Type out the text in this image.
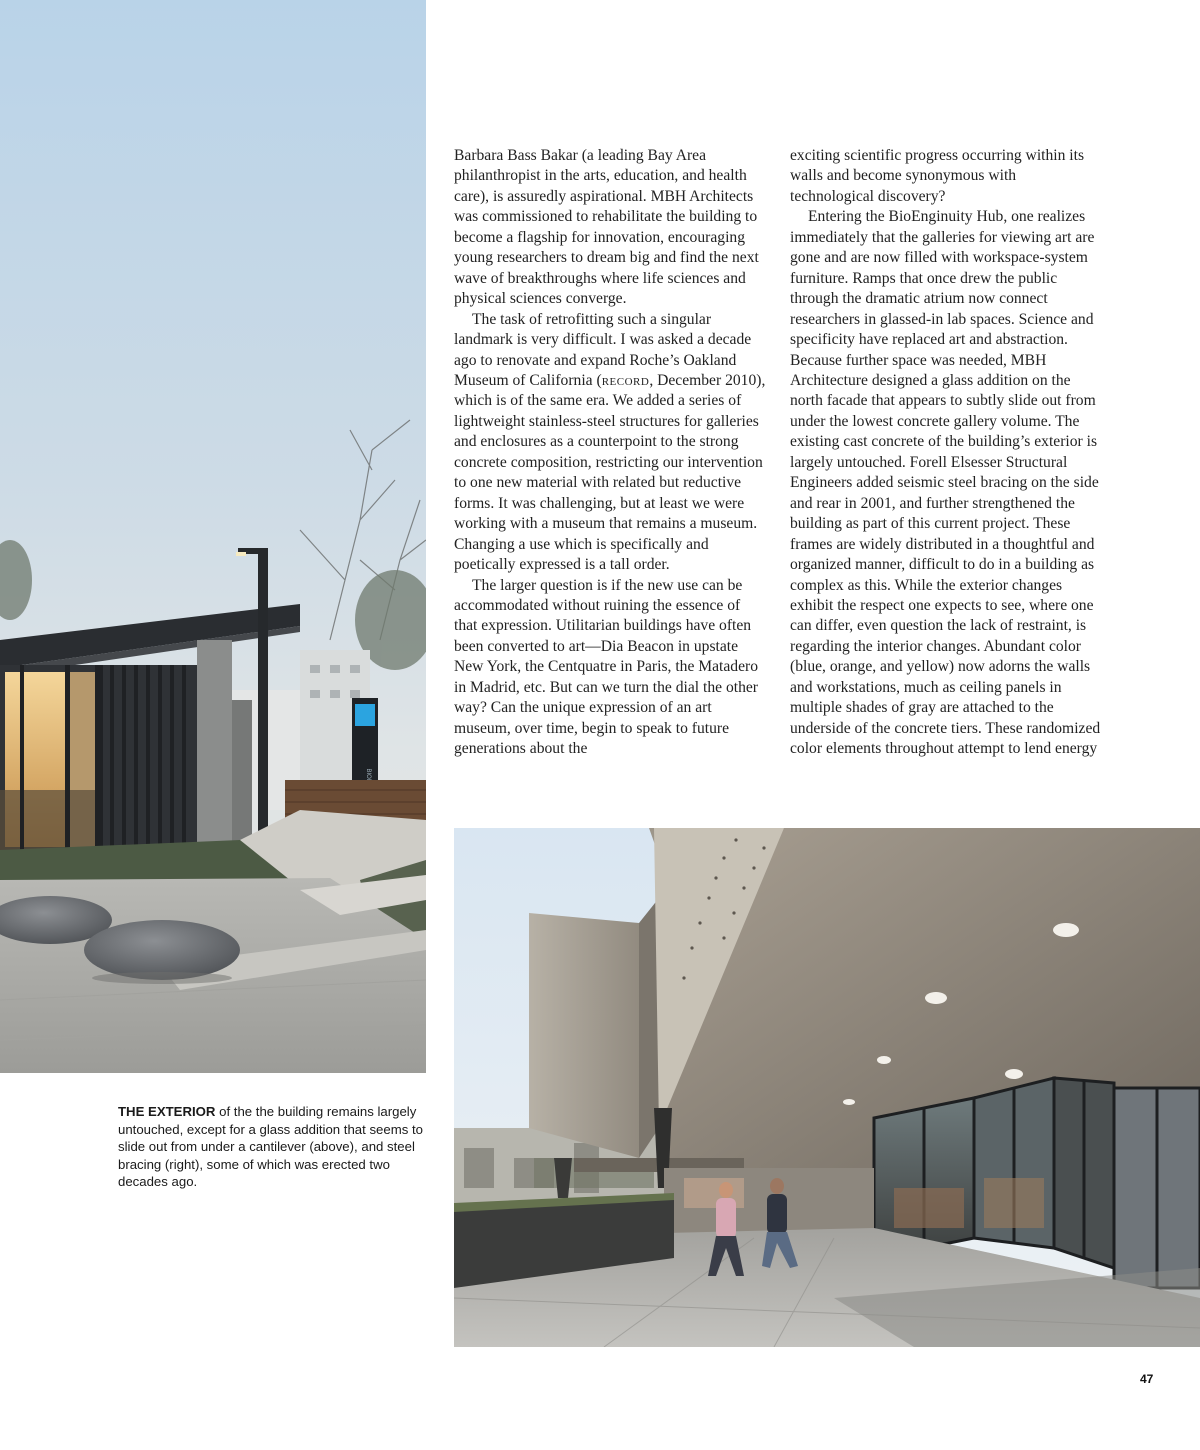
Barbara Bass Bakar (a leading Bay Area philanthropist in the arts, education, and health care), is assuredly aspirational. MBH Architects was commissioned to rehabilitate the building to become a flagship for innovation, encouraging young researchers to dream big and find the next wave of breakthroughs where life sciences and physical sciences converge.

The task of retrofitting such a singular landmark is very difficult. I was asked a decade ago to renovate and expand Roche’s Oakland Museum of California (record, December 2010), which is of the same era. We added a series of lightweight stainless-steel structures for galleries and enclosures as a counterpoint to the strong concrete composition, restricting our intervention to one new material with related but reductive forms. It was challenging, but at least we were working with a museum that remains a museum. Changing a use which is specifically and poetically expressed is a tall order.

The larger question is if the new use can be accommodated without ruining the essence of that expression. Utilitarian buildings have often been converted to art—Dia Beacon in upstate New York, the Centquatre in Paris, the Matadero in Madrid, etc. But can we turn the dial the other way? Can the unique expression of an art museum, over time, begin to speak to future generations about the

exciting scientific progress occurring within its walls and become synonymous with technological discovery?

Entering the BioEnginuity Hub, one realizes immediately that the galleries for viewing art are gone and are now filled with workspace-system furniture. Ramps that once drew the public through the dramatic atrium now connect researchers in glassed-in lab spaces. Science and specificity have replaced art and abstraction. Because further space was needed, MBH Architecture designed a glass addition on the north facade that appears to subtly slide out from under the lowest concrete gallery volume. The existing cast concrete of the building’s exterior is largely untouched. Forell Elsesser Structural Engineers added seismic steel bracing on the side and rear in 2001, and further strengthened the building as part of this current project. These frames are widely distributed in a thoughtful and organized manner, difficult to do in a building as complex as this. While the exterior changes exhibit the respect one expects to see, where one can differ, even question the lack of restraint, is regarding the interior changes. Abundant color (blue, orange, and yellow) now adorns the walls and workstations, much as ceiling panels in multiple shades of gray are attached to the underside of the concrete tiers. These randomized color elements throughout attempt to lend energy

THE EXTERIOR of the the building remains largely untouched, except for a glass addition that seems to slide out from under a cantilever (above), and steel bracing (right), some of which was erected two decades ago.
47
